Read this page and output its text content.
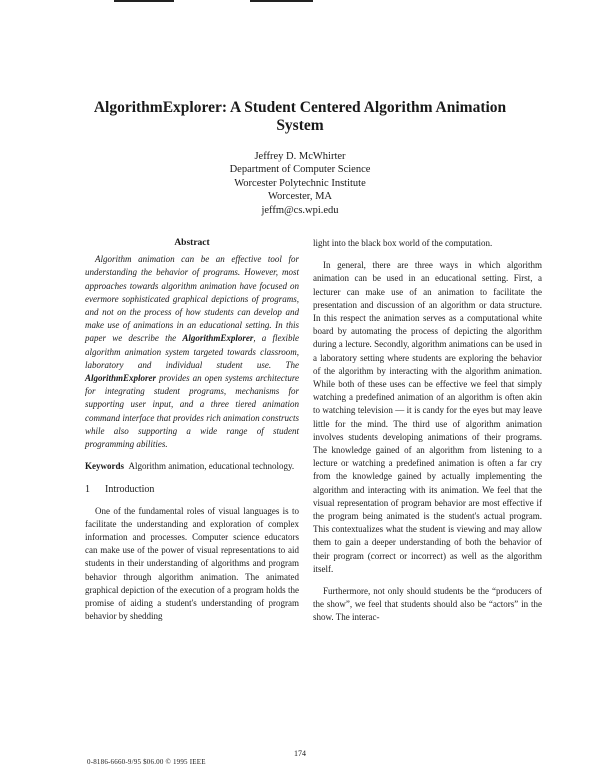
AlgorithmExplorer: A Student Centered Algorithm Animation
System
Jeffrey D. McWhirter
Department of Computer Science
Worcester Polytechnic Institute
Worcester, MA
jeffm@cs.wpi.edu
Abstract

Algorithm animation can be an effective tool for understanding the behavior of programs. However, most approaches towards algorithm animation have focused on evermore sophisticated graphical depictions of programs, and not on the process of how students can develop and make use of animations in an educational setting. In this paper we describe the AlgorithmExplorer, a flexible algorithm animation system targeted towards classroom, laboratory and individual student use. The AlgorithmExplorer provides an open systems architecture for integrating student programs, mechanisms for supporting user input, and a three tiered animation command interface that provides rich animation constructs while also supporting a wide range of student programming abilities.

Keywords Algorithm animation, educational technology.

1 Introduction

One of the fundamental roles of visual languages is to facilitate the understanding and exploration of complex information and processes. Computer science educators can make use of the power of visual representations to aid students in their understanding of algorithms and program behavior through algorithm animation. The animated graphical depiction of the execution of a program holds the promise of aiding a student's understanding of program behavior by shedding

light into the black box world of the computation.

In general, there are three ways in which algorithm animation can be used in an educational setting. First, a lecturer can make use of an animation to facilitate the presentation and discussion of an algorithm or data structure. In this respect the animation serves as a computational white board by automating the process of depicting the algorithm during a lecture. Secondly, algorithm animations can be used in a laboratory setting where students are exploring the behavior of the algorithm by interacting with the algorithm animation. While both of these uses can be effective we feel that simply watching a predefined animation of an algorithm is often akin to watching television — it is candy for the eyes but may leave little for the mind. The third use of algorithm animation involves students developing animations of their programs. The knowledge gained of an algorithm from listening to a lecture or watching a predefined animation is often a far cry from the knowledge gained by actually implementing the algorithm and interacting with its animation. We feel that the visual representation of program behavior are most effective if the program being animated is the student's actual program. This contextualizes what the student is viewing and may allow them to gain a deeper understanding of both the behavior of their program (correct or incorrect) as well as the algorithm itself.

Furthermore, not only should students be the “producers of the show”, we feel that students should also be “actors” in the show. The interac-

174
0-8186-6660-9/95 $06.00 © 1995 IEEE
